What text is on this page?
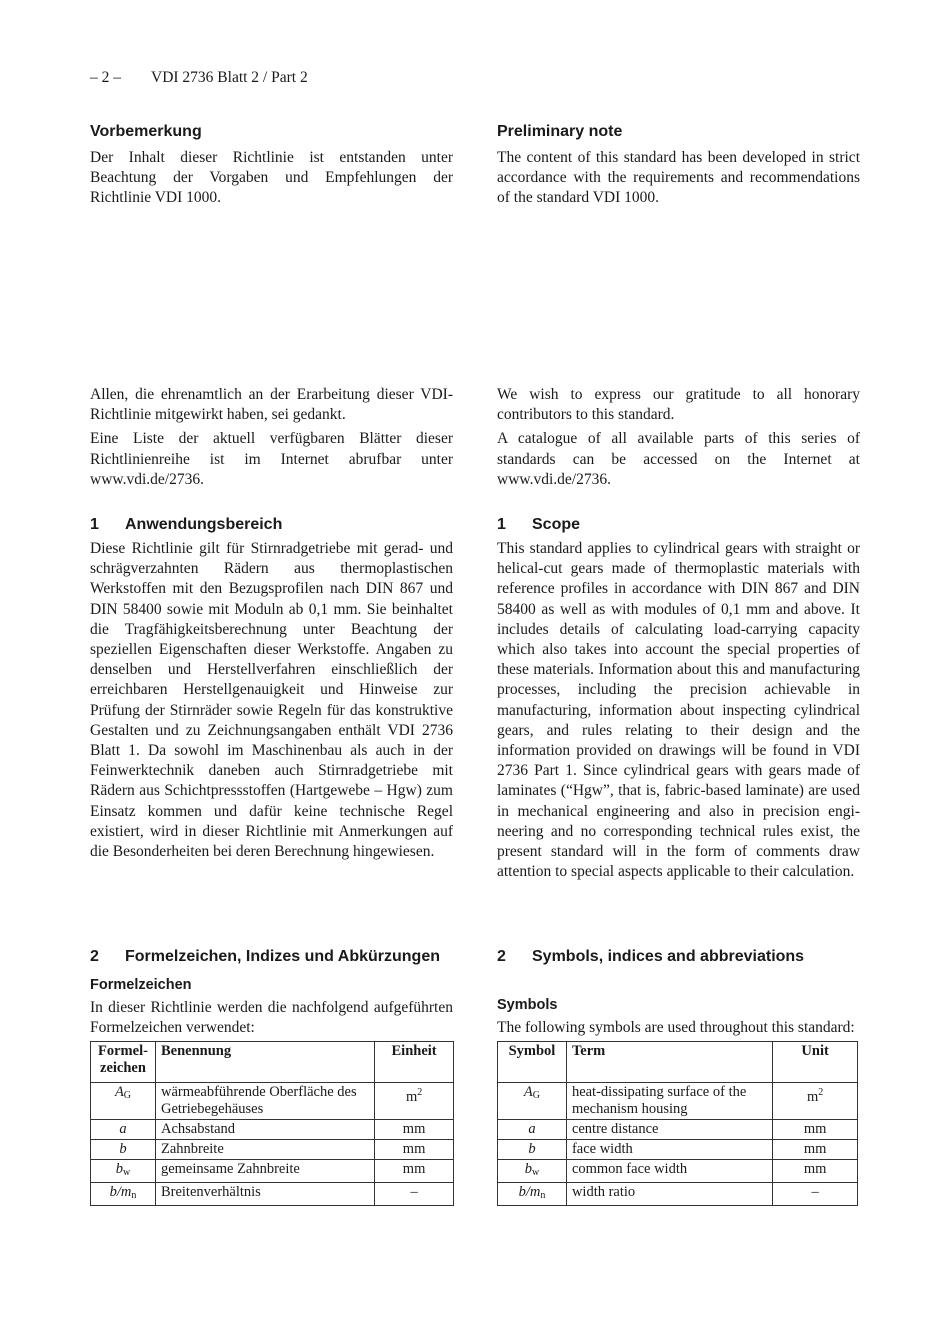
– 2 – VDI 2736 Blatt 2 / Part 2
Vorbemerkung

Der Inhalt dieser Richtlinie ist entstanden unter Beachtung der Vorgaben und Empfehlungen der Richtlinie VDI 1000.

Allen, die ehrenamtlich an der Erarbeitung dieser VDI-Richtlinie mitgewirkt haben, sei gedankt.

Eine Liste der aktuell verfügbaren Blätter dieser Richtlinienreihe ist im Internet abrufbar unter www.vdi.de/2736.

1	Anwendungsbereich

Diese Richtlinie gilt für Stirnradgetriebe mit gerad- und schrägverzahnten Rädern aus thermoplastischen Werkstoffen mit den Bezugsprofilen nach DIN 867 und DIN 58400 sowie mit Moduln ab 0,1 mm. Sie beinhaltet die Tragfähigkeitsberechnung unter Beachtung der speziellen Eigenschaften dieser Werkstoffe. Angaben zu denselben und Herstellverfahren einschließlich der erreichbaren Herstellgenauigkeit und Hinweise zur Prüfung der Stirnräder sowie Regeln für das konstruktive Gestalten und zu Zeichnungsangaben enthält VDI 2736 Blatt 1. Da sowohl im Maschinenbau als auch in der Feinwerktechnik daneben auch Stirnradgetriebe mit Rädern aus Schichtpressstoffen (Hartgewebe – Hgw) zum Einsatz kommen und dafür keine technische Regel existiert, wird in dieser Richtlinie mit Anmerkungen auf die Besonderheiten bei deren Berechnung hingewiesen.

2	Formelzeichen, Indizes und Abkürzungen
Formelzeichen

In dieser Richtlinie werden die nachfolgend aufgeführten Formelzeichen verwendet:

Formelzeichen	Benennung	Einheit
$A_G$	wärmeabführende Oberfläche des Getriebegehäuses	$m^2$
a	Achsabstand	mm
b	Zahnbreite	mm
$b_w$	gemeinsame Zahnbreite	mm
$b/m_n$	Breitenverhältnis	–
Preliminary note

The content of this standard has been developed in strict accordance with the requirements and recommendations of the standard VDI 1000.

We wish to express our gratitude to all honorary contributors to this standard.

A catalogue of all available parts of this series of standards can be accessed on the Internet at www.vdi.de/2736.

1	Scope

This standard applies to cylindrical gears with straight or helical-cut gears made of thermoplastic materials with reference profiles in accordance with DIN 867 and DIN 58400 as well as with modules of 0,1 mm and above. It includes details of calculating load-carrying capacity which also takes into account the special properties of these materials. Information about this and manufacturing processes, including the precision achievable in manufacturing, information about inspecting cylindrical gears, and rules relating to their design and the information provided on drawings will be found in VDI 2736 Part 1. Since cylindrical gears with gears made of laminates (“Hgw”, that is, fabric-based laminate) are used in mechanical engineering and also in precision engineering and no corresponding technical rules exist, the present standard will in the form of comments draw attention to special aspects applicable to their calculation.

2	Symbols, indices and abbreviations
Symbols

The following symbols are used throughout this standard:

Symbol	Term	Unit
$A_G$	heat-dissipating surface of the mechanism housing	$m^2$
a	centre distance	mm
b	face width	mm
$b_w$	common face width	mm
$b/m_n$	width ratio	–
